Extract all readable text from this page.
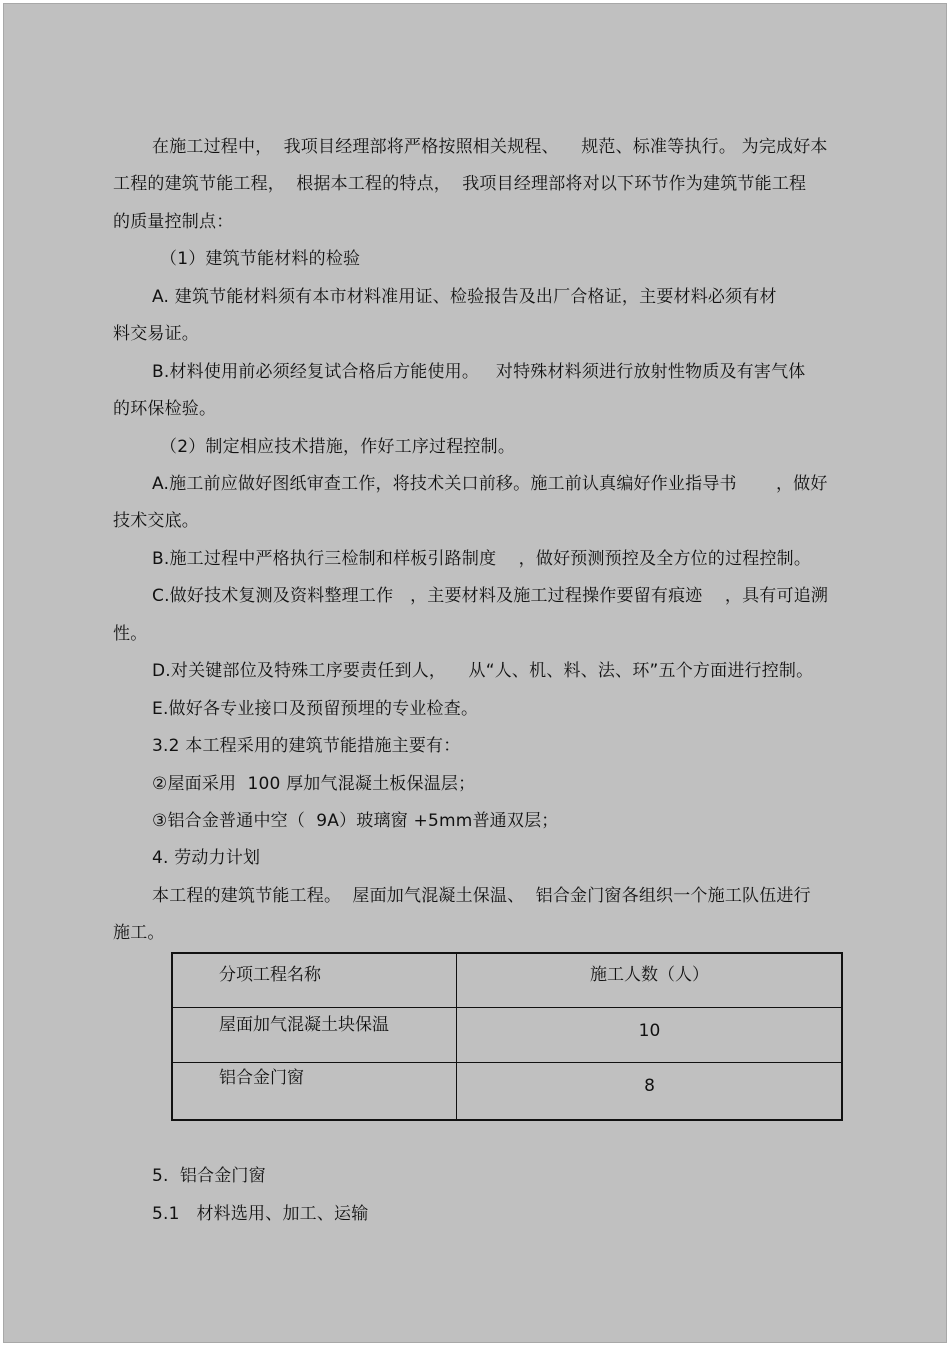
在施工过程中，  我项目经理部将严格按照相关规程、    规范、标准等执行。 为完成好本
工程的建筑节能工程，  根据本工程的特点，  我项目经理部将对以下环节作为建筑节能工程
的质量控制点：
（1）建筑节能材料的检验
A. 建筑节能材料须有本市材料准用证、检验报告及出厂合格证，主要材料必须有材
料交易证。
B.材料使用前必须经复试合格后方能使用。   对特殊材料须进行放射性物质及有害气体
的环保检验。
（2）制定相应技术措施，作好工序过程控制。
A.施工前应做好图纸审查工作，将技术关口前移。施工前认真编好作业指导书       ，做好
技术交底。
B.施工过程中严格执行三检制和样板引路制度    ，做好预测预控及全方位的过程控制。
C.做好技术复测及资料整理工作   ，主要材料及施工过程操作要留有痕迹    ，具有可追溯
性。
D.对关键部位及特殊工序要责任到人，    从“人、机、料、法、环”五个方面进行控制。
E.做好各专业接口及预留预埋的专业检查。
3.2 本工程采用的建筑节能措施主要有：
②屋面采用  100 厚加气混凝土板保温层；
③铝合金普通中空（  9A）玻璃窗 +5mm普通双层；
4. 劳动力计划
本工程的建筑节能工程。  屋面加气混凝土保温、  铝合金门窗各组织一个施工队伍进行
施工。
分项工程名称	施工人数（人）
屋面加气混凝土块保温	10
铝合金门窗	8
5.  铝合金门窗
5.1   材料选用、加工、运输
